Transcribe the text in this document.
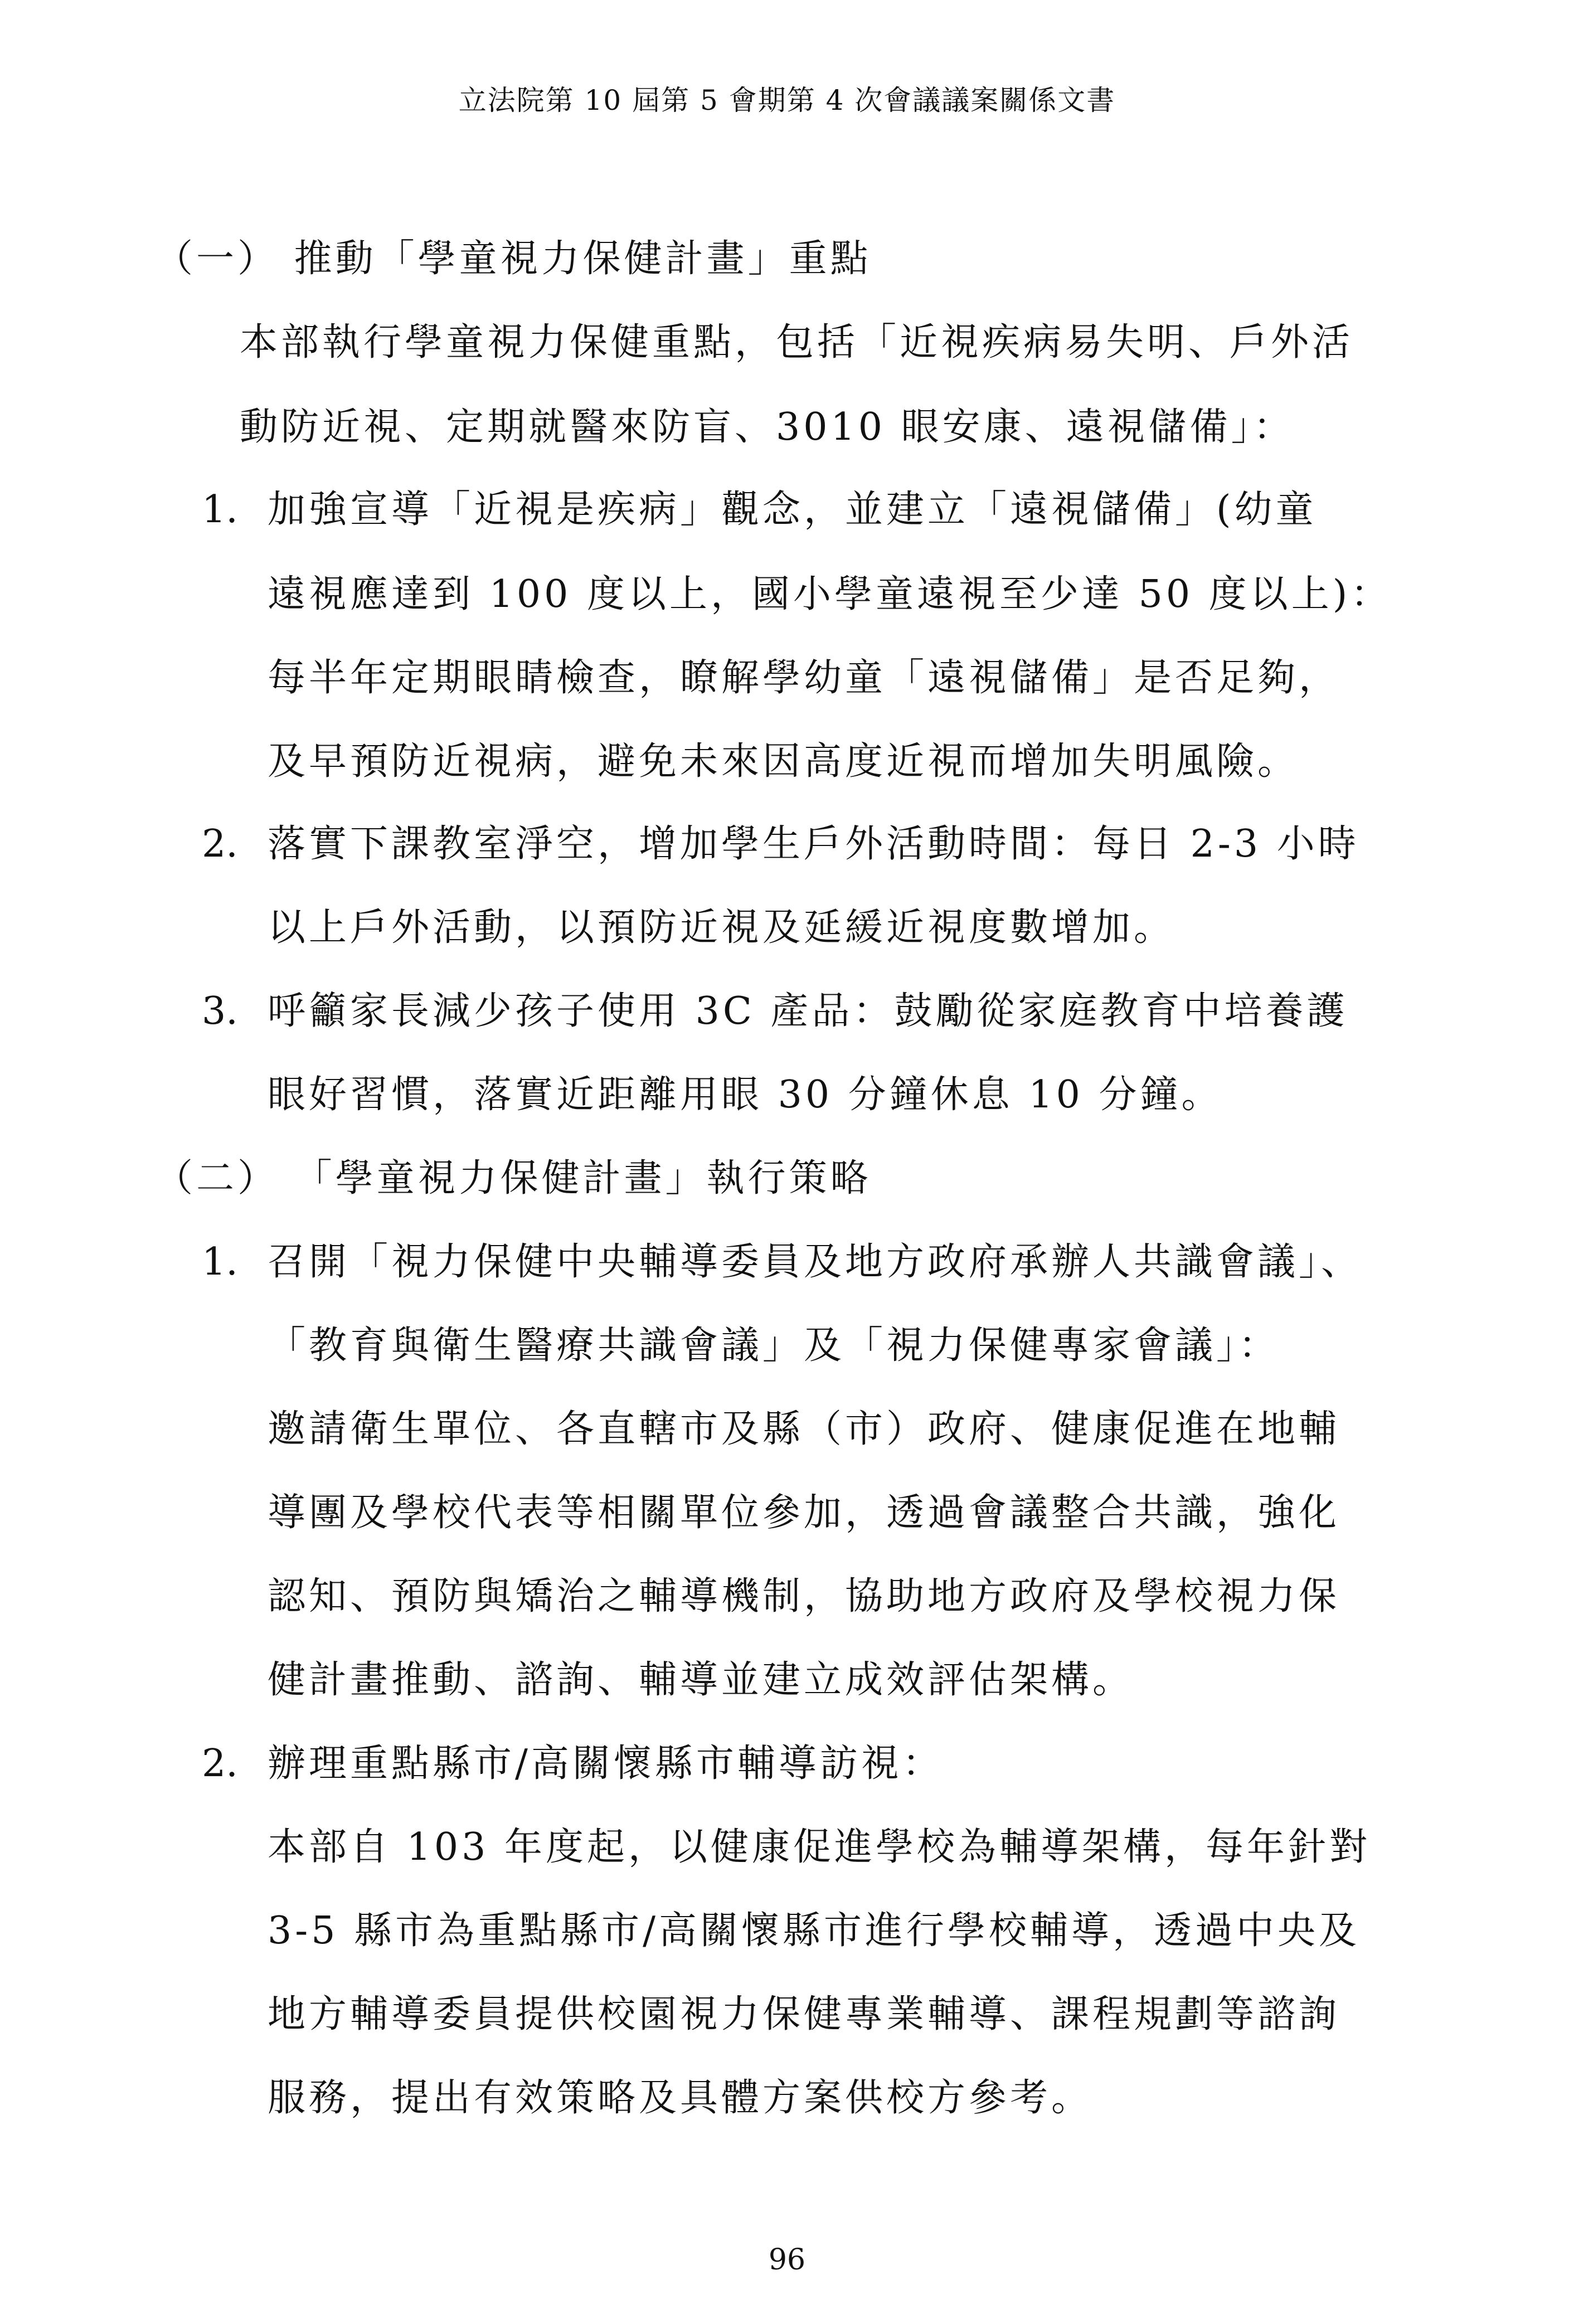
立法院第 10 屆第 5 會期第 4 次會議議案關係文書
（一） 推動「學童視力保健計畫」重點
本部執行學童視力保健重點，包括「近視疾病易失明、戶外活
動防近視、定期就醫來防盲、3010 眼安康、遠視儲備」：
1. 加強宣導「近視是疾病」觀念，並建立「遠視儲備」(幼童
遠視應達到 100 度以上，國小學童遠視至少達 50 度以上)：
每半年定期眼睛檢查，瞭解學幼童「遠視儲備」是否足夠，
及早預防近視病，避免未來因高度近視而增加失明風險。
2. 落實下課教室淨空，增加學生戶外活動時間：每日 2-3 小時
以上戶外活動，以預防近視及延緩近視度數增加。
3. 呼籲家長減少孩子使用 3C 產品：鼓勵從家庭教育中培養護
眼好習慣，落實近距離用眼 30 分鐘休息 10 分鐘。
（二） 「學童視力保健計畫」執行策略
1. 召開「視力保健中央輔導委員及地方政府承辦人共識會議」、
「教育與衛生醫療共識會議」及「視力保健專家會議」：
邀請衛生單位、各直轄市及縣（市）政府、健康促進在地輔
導團及學校代表等相關單位參加，透過會議整合共識，強化
認知、預防與矯治之輔導機制，協助地方政府及學校視力保
健計畫推動、諮詢、輔導並建立成效評估架構。
2. 辦理重點縣市/高關懷縣市輔導訪視：
本部自 103 年度起，以健康促進學校為輔導架構，每年針對
3-5 縣市為重點縣市/高關懷縣市進行學校輔導，透過中央及
地方輔導委員提供校園視力保健專業輔導、課程規劃等諮詢
服務，提出有效策略及具體方案供校方參考。
96
